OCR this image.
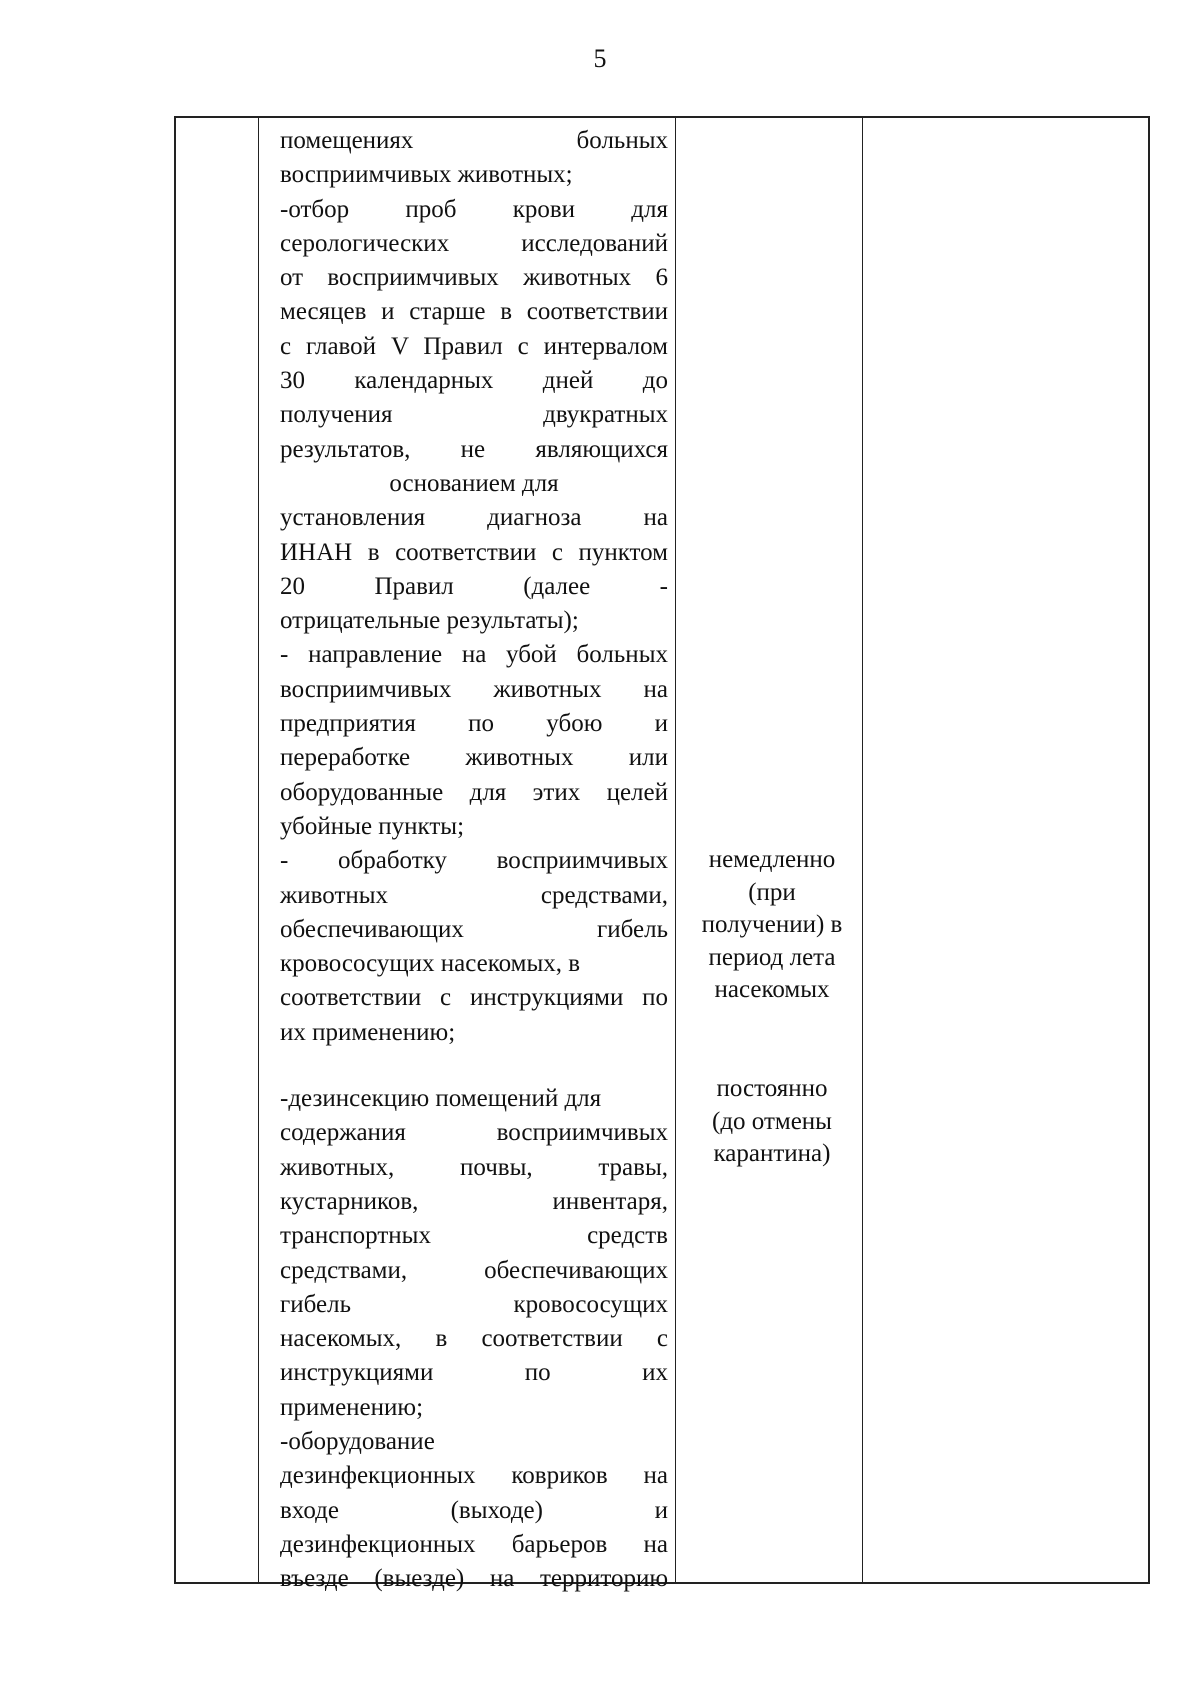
5
помещениях больных
восприимчивых животных;
-отбор проб крови для
серологических исследований
от восприимчивых животных 6
месяцев и старше в соответствии
с главой V Правил с интервалом
30 календарных дней до
получения двукратных
результатов, не являющихся
основанием для
установления диагноза на
ИНАН в соответствии с пунктом
20 Правил (далее -
отрицательные результаты);
- направление на убой больных
восприимчивых животных на
предприятия по убою и
переработке животных или
оборудованные для этих целей
убойные пункты;
- обработку восприимчивых
животных средствами,
обеспечивающих гибель
кровососущих насекомых, в
соответствии с инструкциями по
их применению;
-дезинсекцию помещений для
содержания восприимчивых
животных, почвы, травы,
кустарников, инвентаря,
транспортных средств
средствами, обеспечивающих
гибель кровососущих
насекомых, в соответствии с
инструкциями по их
применению;
-оборудование
дезинфекционных ковриков на
входе (выходе) и
дезинфекционных барьеров на
въезде (выезде) на территорию
немедленно
(при
получении) в
период лета
насекомых
постоянно
(до отмены
карантина)
